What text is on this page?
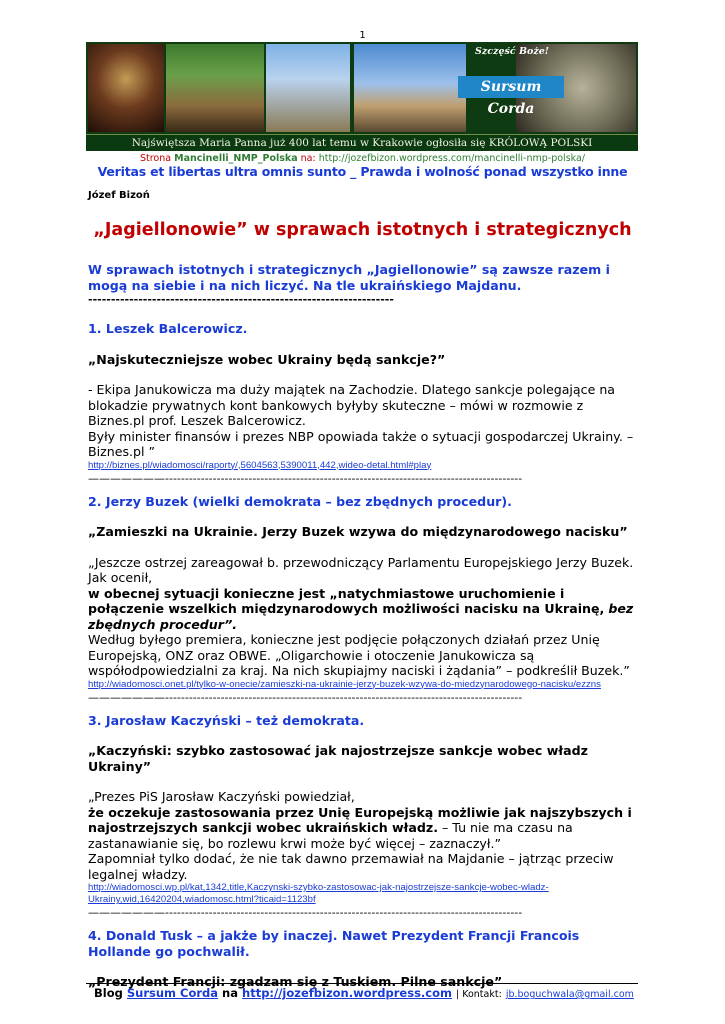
1
Szczęść Boże!
Sursum Corda
Najświętsza Maria Panna już 400 lat temu w Krakowie ogłosiła się KRÓLOWĄ POLSKI
Strona Mancinelli_NMP_Polska na: http://jozefbizon.wordpress.com/mancinelli-nmp-polska/
Veritas et libertas ultra omnis sunto _ Prawda i wolność ponad wszystko inne
Józef Bizoń
„Jagiellonowie” w sprawach istotnych i strategicznych

W sprawach istotnych i strategicznych „Jagiellonowie” są zawsze razem i mogą na siebie i na nich liczyć. Na tle ukraińskiego Majdanu.

-------------------------------------------------------------------

1. Leszek Balcerowicz.

„Najskuteczniejsze wobec Ukrainy będą sankcje?”

- Ekipa Janukowicza ma duży majątek na Zachodzie. Dlatego sankcje polegające na blokadzie prywatnych kont bankowych byłyby skuteczne – mówi w rozmowie z Biznes.pl prof. Leszek Balcerowicz.

Były minister finansów i prezes NBP opowiada także o sytuacji gospodarczej Ukrainy. – Biznes.pl ”

http://biznes.pl/wiadomosci/raporty/,5604563,5390011,442,wideo-detal.html#play

———————------------------------------------------------------------------------------------------

2. Jerzy Buzek (wielki demokrata – bez zbędnych procedur).

„Zamieszki na Ukrainie. Jerzy Buzek wzywa do międzynarodowego nacisku”

„Jeszcze ostrzej zareagował b. przewodniczący Parlamentu Europejskiego Jerzy Buzek. Jak ocenił,

w obecnej sytuacji konieczne jest „natychmiastowe uruchomienie i połączenie wszelkich międzynarodowych możliwości nacisku na Ukrainę, bez zbędnych procedur”.

Według byłego premiera, konieczne jest podjęcie połączonych działań przez Unię Europejską, ONZ oraz OBWE. „Oligarchowie i otoczenie Janukowicza są współodpowiedzialni za kraj. Na nich skupiajmy naciski i żądania” – podkreślił Buzek.”

http://wiadomosci.onet.pl/tylko-w-onecie/zamieszki-na-ukrainie-jerzy-buzek-wzywa-do-miedzynarodowego-nacisku/ezzns

———————------------------------------------------------------------------------------------------

3. Jarosław Kaczyński – też demokrata.

„Kaczyński: szybko zastosować jak najostrzejsze sankcje wobec władz Ukrainy”

„Prezes PiS Jarosław Kaczyński powiedział,

że oczekuje zastosowania przez Unię Europejską możliwie jak najszybszych i najostrzejszych sankcji wobec ukraińskich władz. – Tu nie ma czasu na zastanawianie się, bo rozlewu krwi może być więcej – zaznaczył.”

Zapomniał tylko dodać, że nie tak dawno przemawiał na Majdanie – jątrząc przeciw legalnej władzy.

http://wiadomosci.wp.pl/kat,1342,title,Kaczynski-szybko-zastosowac-jak-najostrzejsze-sankcje-wobec-wladz-Ukrainy,wid,16420204,wiadomosc.html?ticaid=1123bf

———————------------------------------------------------------------------------------------------

4. Donald Tusk – a jakże by inaczej. Nawet Prezydent Francji Francois Hollande go pochwalił.

„Prezydent Francji: zgadzam się z Tuskiem. Pilne sankcje”

Blog Sursum Corda na http://jozefbizon.wordpress.com | Kontakt: jb.boguchwala@gmail.com
